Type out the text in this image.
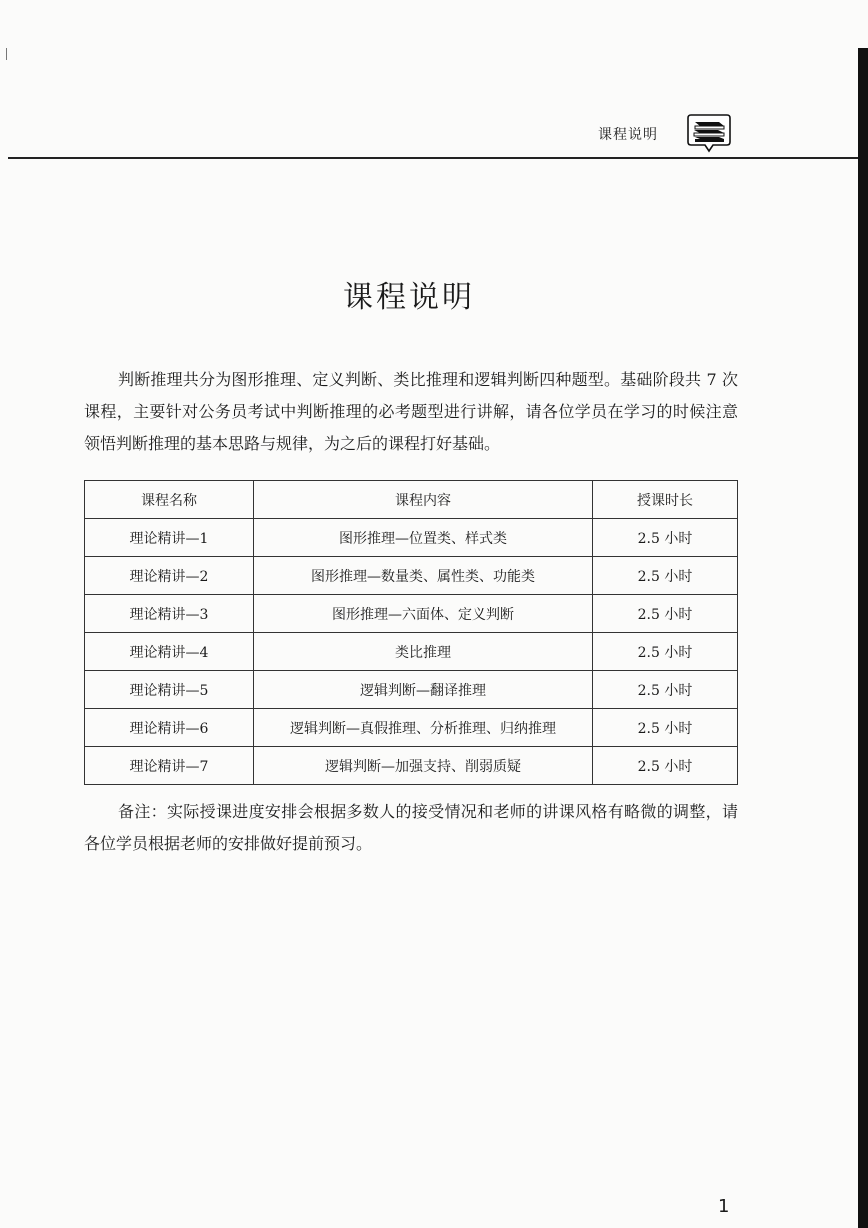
课程说明
课程说明

判断推理共分为图形推理、定义判断、类比推理和逻辑判断四种题型。基础阶段共 7 次课程，主要针对公务员考试中判断推理的必考题型进行讲解，请各位学员在学习的时候注意领悟判断推理的基本思路与规律，为之后的课程打好基础。

课程名称	课程内容	授课时长
理论精讲—1	图形推理—位置类、样式类	2.5 小时
理论精讲—2	图形推理—数量类、属性类、功能类	2.5 小时
理论精讲—3	图形推理—六面体、定义判断	2.5 小时
理论精讲—4	类比推理	2.5 小时
理论精讲—5	逻辑判断—翻译推理	2.5 小时
理论精讲—6	逻辑判断—真假推理、分析推理、归纳推理	2.5 小时
理论精讲—7	逻辑判断—加强支持、削弱质疑	2.5 小时

备注：实际授课进度安排会根据多数人的接受情况和老师的讲课风格有略微的调整，请各位学员根据老师的安排做好提前预习。

1
